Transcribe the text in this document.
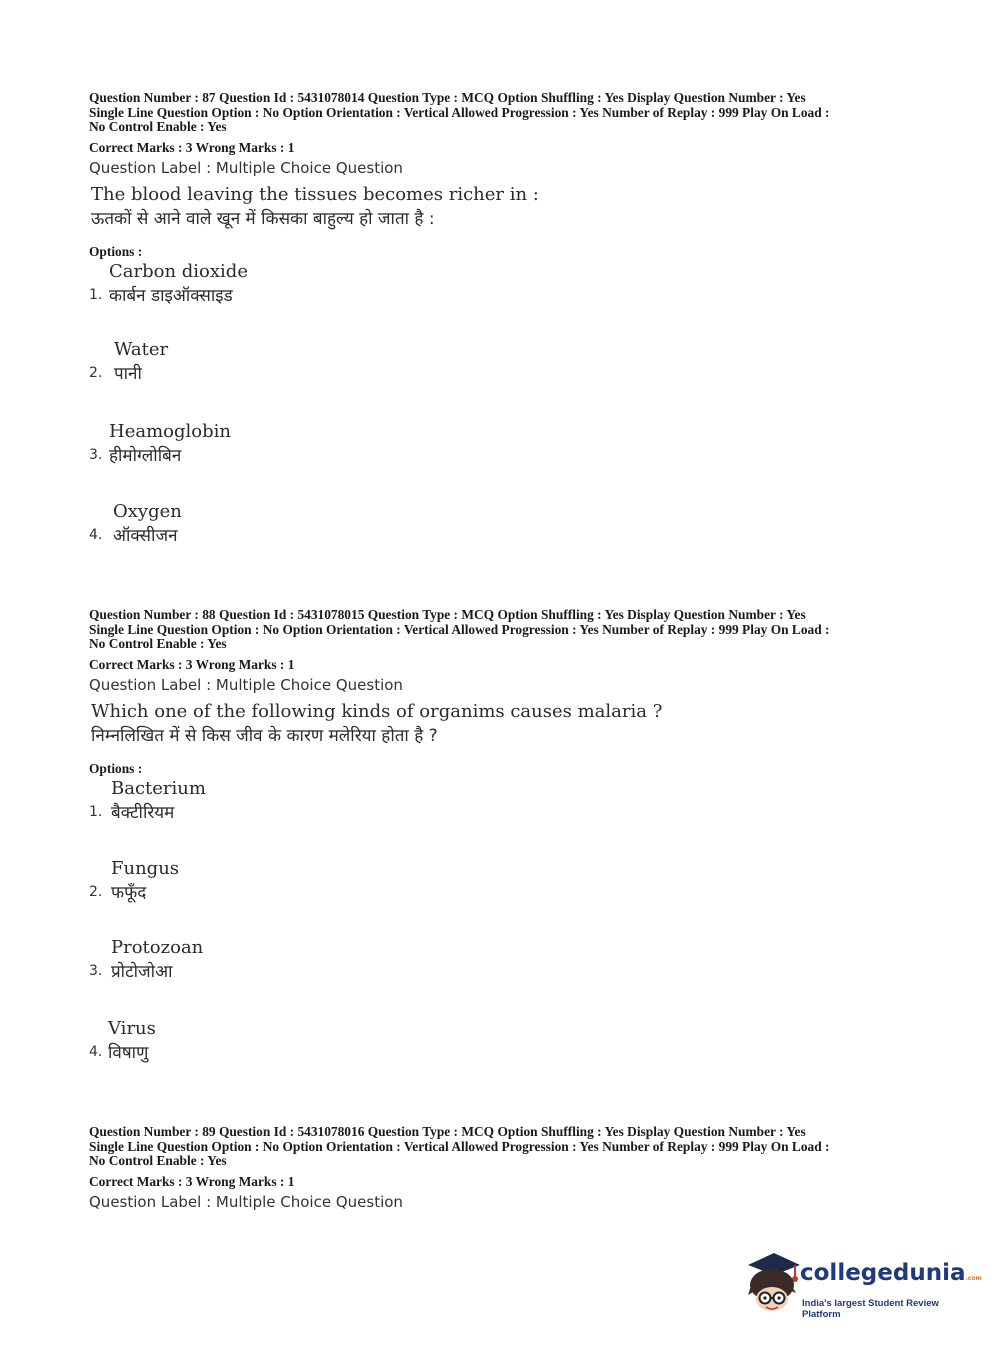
Question Number : 87 Question Id : 5431078014 Question Type : MCQ Option Shuffling : Yes Display Question Number : Yes
Single Line Question Option : No Option Orientation : Vertical Allowed Progression : Yes Number of Replay : 999 Play On Load :
No Control Enable : Yes
Correct Marks : 3 Wrong Marks : 1
Question Label : Multiple Choice Question
The blood leaving the tissues becomes richer in :
ऊतकों से आने वाले खून में किसका बाहुल्य हो जाता है :
Options :
1.
Carbon dioxide
कार्बन डाइऑक्साइड
2.
Water
पानी
3.
Heamoglobin
हीमोग्लोबिन
4.
Oxygen
ऑक्सीजन
Question Number : 88 Question Id : 5431078015 Question Type : MCQ Option Shuffling : Yes Display Question Number : Yes
Single Line Question Option : No Option Orientation : Vertical Allowed Progression : Yes Number of Replay : 999 Play On Load :
No Control Enable : Yes
Correct Marks : 3 Wrong Marks : 1
Question Label : Multiple Choice Question
Which one of the following kinds of organims causes malaria ?
निम्नलिखित में से किस जीव के कारण मलेरिया होता है ?
Options :
1.
Bacterium
बैक्टीरियम
2.
Fungus
फफूँद
3.
Protozoan
प्रोटोजोआ
4.
Virus
विषाणु
Question Number : 89 Question Id : 5431078016 Question Type : MCQ Option Shuffling : Yes Display Question Number : Yes
Single Line Question Option : No Option Orientation : Vertical Allowed Progression : Yes Number of Replay : 999 Play On Load :
No Control Enable : Yes
Correct Marks : 3 Wrong Marks : 1
Question Label : Multiple Choice Question
collegedunia.com
India's largest Student Review Platform
